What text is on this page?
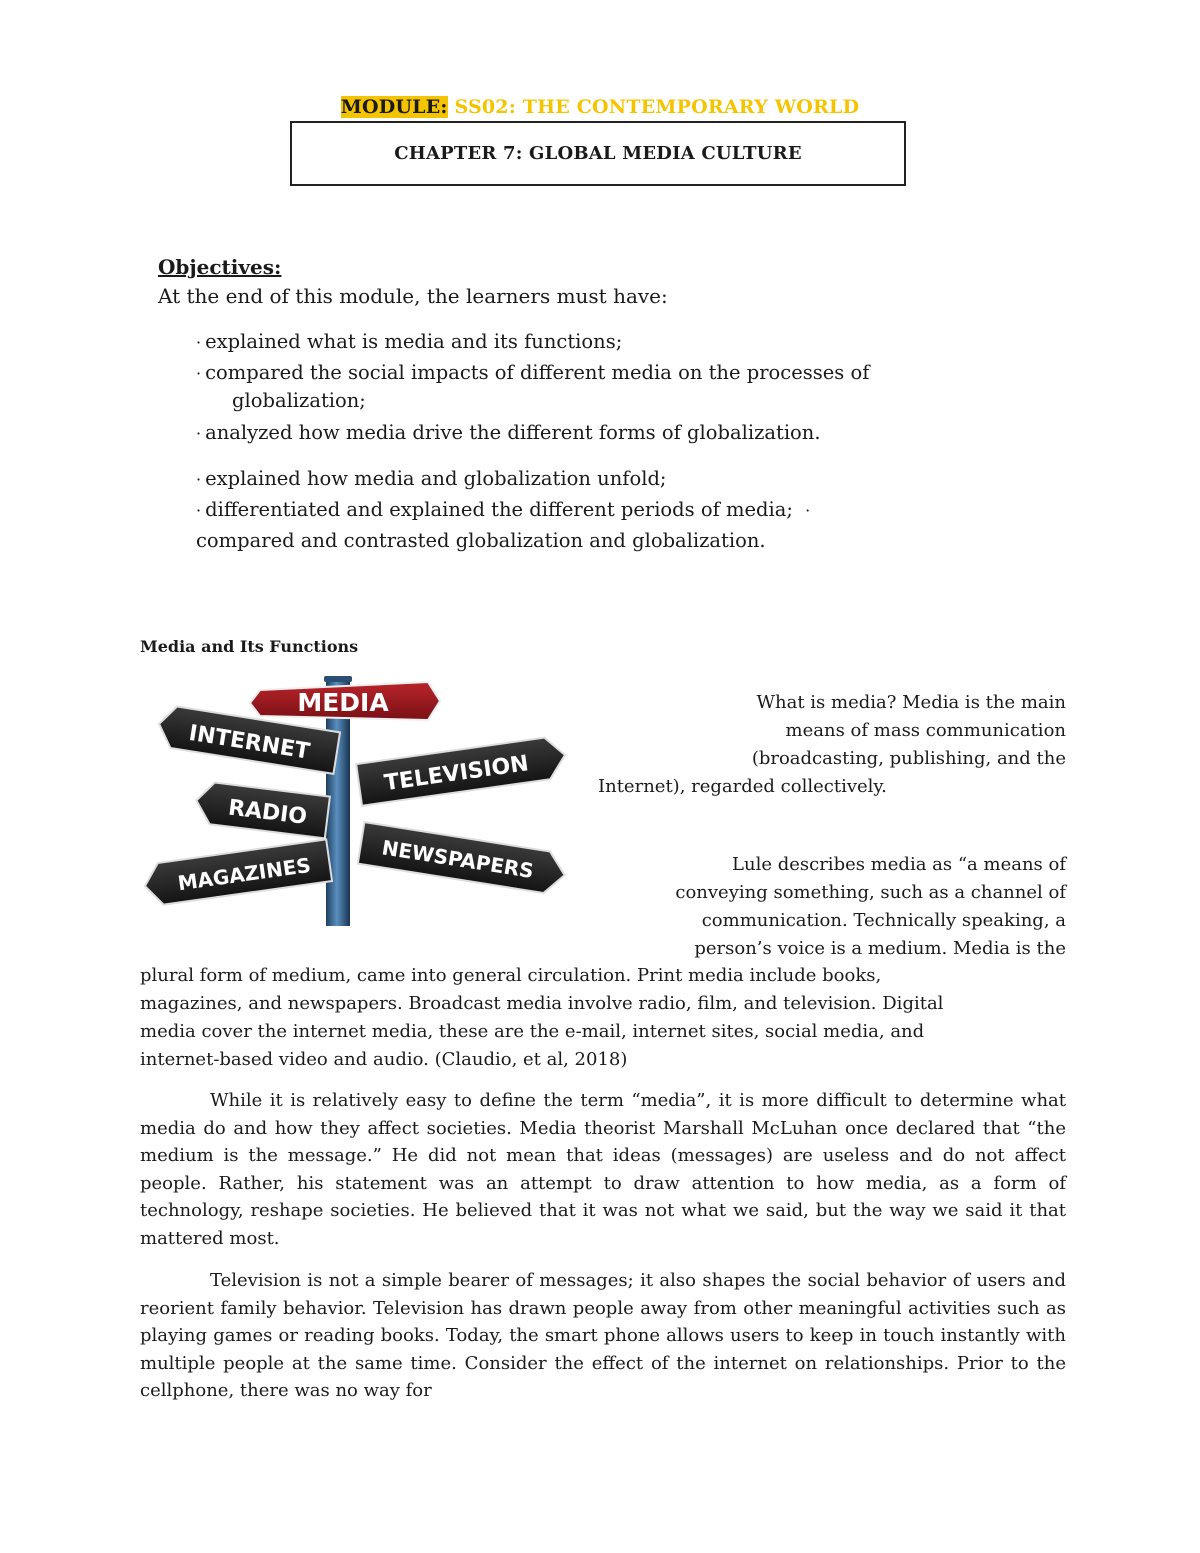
MODULE: SS02: THE CONTEMPORARY WORLD
CHAPTER 7: GLOBAL MEDIA CULTURE
Objectives:
At the end of this module, the learners must have:
· explained what is media and its functions;
· compared the social impacts of different media on the processes of
globalization;
· analyzed how media drive the different forms of globalization.
· explained how media and globalization unfold;
· differentiated and explained the different periods of media; ·
compared and contrasted globalization and globalization.
Media and Its Functions
MEDIA
INTERNET
TELEVISION
RADIO
MAGAZINES	NEWSPAPERS
What is media? Media is the main
means of mass communication
(broadcasting, publishing, and the
Internet), regarded collectively.
Lule describes media as “a means of
conveying something, such as a channel of
communication. Technically speaking, a
person’s voice is a medium. Media is the
plural form of medium, came into general circulation. Print media include books,
magazines, and newspapers. Broadcast media involve radio, film, and television. Digital
media cover the internet media, these are the e-mail, internet sites, social media, and
internet-based video and audio. (Claudio, et al, 2018)

While it is relatively easy to define the term “media”, it is more difficult to determine what media do and how they affect societies. Media theorist Marshall McLuhan once declared that “the medium is the message.” He did not mean that ideas (messages) are useless and do not affect people. Rather, his statement was an attempt to draw attention to how media, as a form of technology, reshape societies. He believed that it was not what we said, but the way we said it that mattered most.

Television is not a simple bearer of messages; it also shapes the social behavior of users and reorient family behavior. Television has drawn people away from other meaningful activities such as playing games or reading books. Today, the smart phone allows users to keep in touch instantly with multiple people at the same time. Consider the effect of the internet on relationships. Prior to the cellphone, there was no way for
